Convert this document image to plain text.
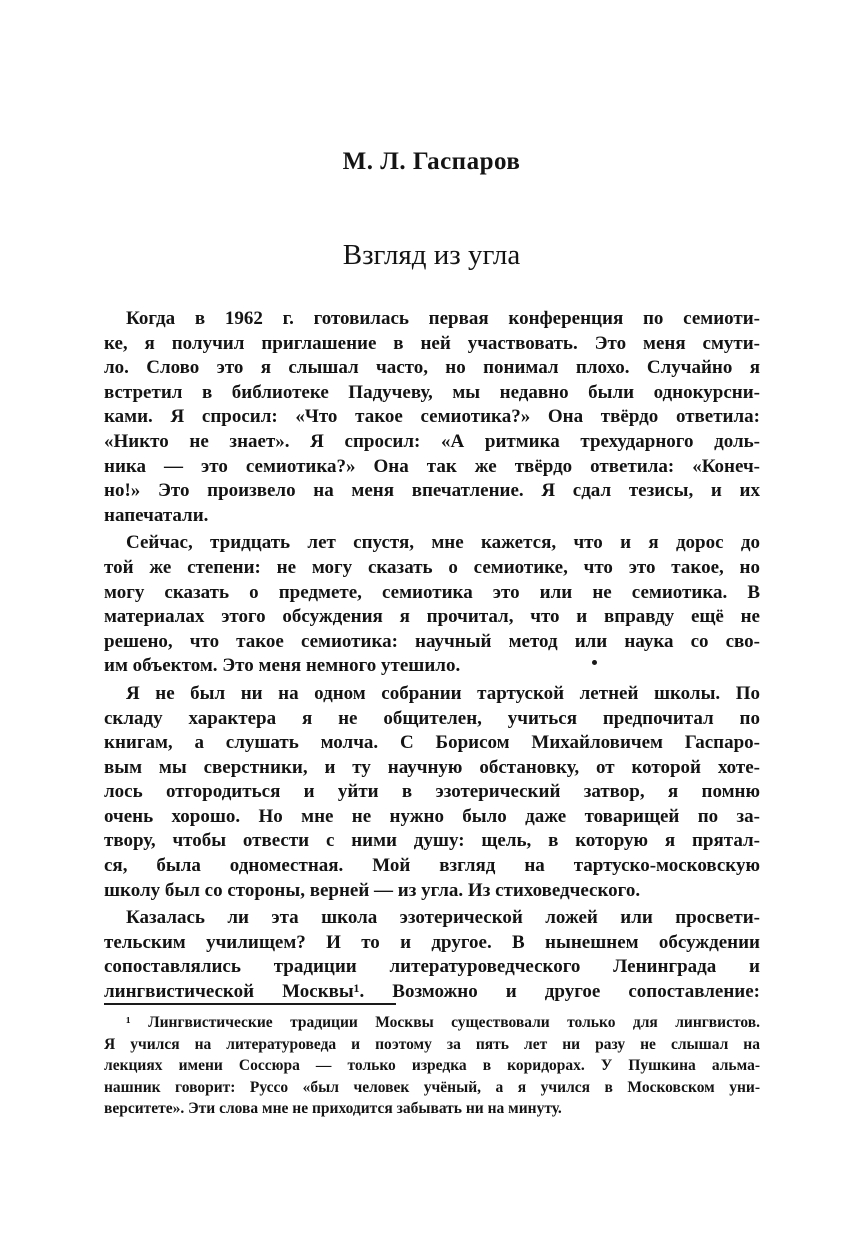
М. Л. Гаспаров
Взгляд из угла
Когда в 1962 г. готовилась первая конференция по семиоти-
ке, я получил приглашение в ней участвовать. Это меня смути-
ло. Слово это я слышал часто, но понимал плохо. Случайно я
встретил в библиотеке Падучеву, мы недавно были однокурсни-
ками. Я спросил: «Что такое семиотика?» Она твёрдо ответила:
«Никто не знает». Я спросил: «А ритмика трехударного доль-
ника — это семиотика?» Она так же твёрдо ответила: «Конеч-
но!» Это произвело на меня впечатление. Я сдал тезисы, и их
напечатали.
Сейчас, тридцать лет спустя, мне кажется, что и я дорос до
той же степени: не могу сказать о семиотике, что это такое, но
могу сказать о предмете, семиотика это или не семиотика. В
материалах этого обсуждения я прочитал, что и вправду ещё не
решено, что такое семиотика: научный метод или наука со сво-
им объектом. Это меня немного утешило.
Я не был ни на одном собрании тартуской летней школы. По
складу характера я не общителен, учиться предпочитал по
книгам, а слушать молча. С Борисом Михайловичем Гаспаро-
вым мы сверстники, и ту научную обстановку, от которой хоте-
лось отгородиться и уйти в эзотерический затвор, я помню
очень хорошо. Но мне не нужно было даже товарищей по за-
твору, чтобы отвести с ними душу: щель, в которую я прятал-
ся, была одноместная. Мой взгляд на тартуско-московскую
школу был со стороны, верней — из угла. Из стиховедческого.
Казалась ли эта школа эзотерической ложей или просвети-
тельским училищем? И то и другое. В нынешнем обсуждении
сопоставлялись традиции литературоведческого Ленинграда и
лингвистической Москвы¹. Возможно и другое сопоставление:
¹ Лингвистические традиции Москвы существовали только для лингвистов.
Я учился на литературоведа и поэтому за пять лет ни разу не слышал на
лекциях имени Соссюра — только изредка в коридорах. У Пушкина альма-
нашник говорит: Руссо «был человек учёный, а я учился в Московском уни-
верситете». Эти слова мне не приходится забывать ни на минуту.
